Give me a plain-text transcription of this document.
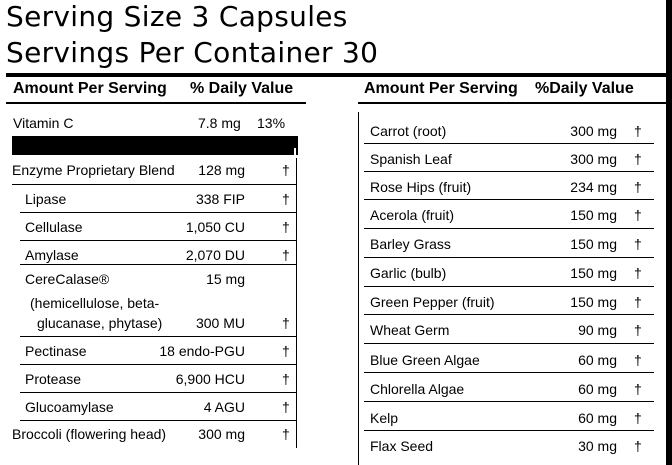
Serving Size 3 Capsules
Servings Per Container 30
Amount Per Serving % Daily Value	Amount Per Serving %Daily Value
Vitamin C	7.8 mg 13%
Enzyme Proprietary Blend 128 mg	†
Lipase	338 FIP	†
Cellulase	1,050 CU	†
Amylase	2,070 DU	†
CereCalase®	15 mg
(hemicellulose, beta-
glucanase, phytase) 300 MU	†
Pectinase	18 endo-PGU	†
Protease	6,900 HCU	†
Glucoamylase	4 AGU	†
Broccoli (flowering head) 300 mg	†
Carrot (root)	300 mg †
Spanish Leaf	300 mg †
Rose Hips (fruit)	234 mg †
Acerola (fruit)	150 mg †
Barley Grass	150 mg †
Garlic (bulb)	150 mg †
Green Pepper (fruit)	150 mg †
Wheat Germ	90 mg †
Blue Green Algae	60 mg †
Chlorella Algae	60 mg †
Kelp	60 mg †
Flax Seed	30 mg †
